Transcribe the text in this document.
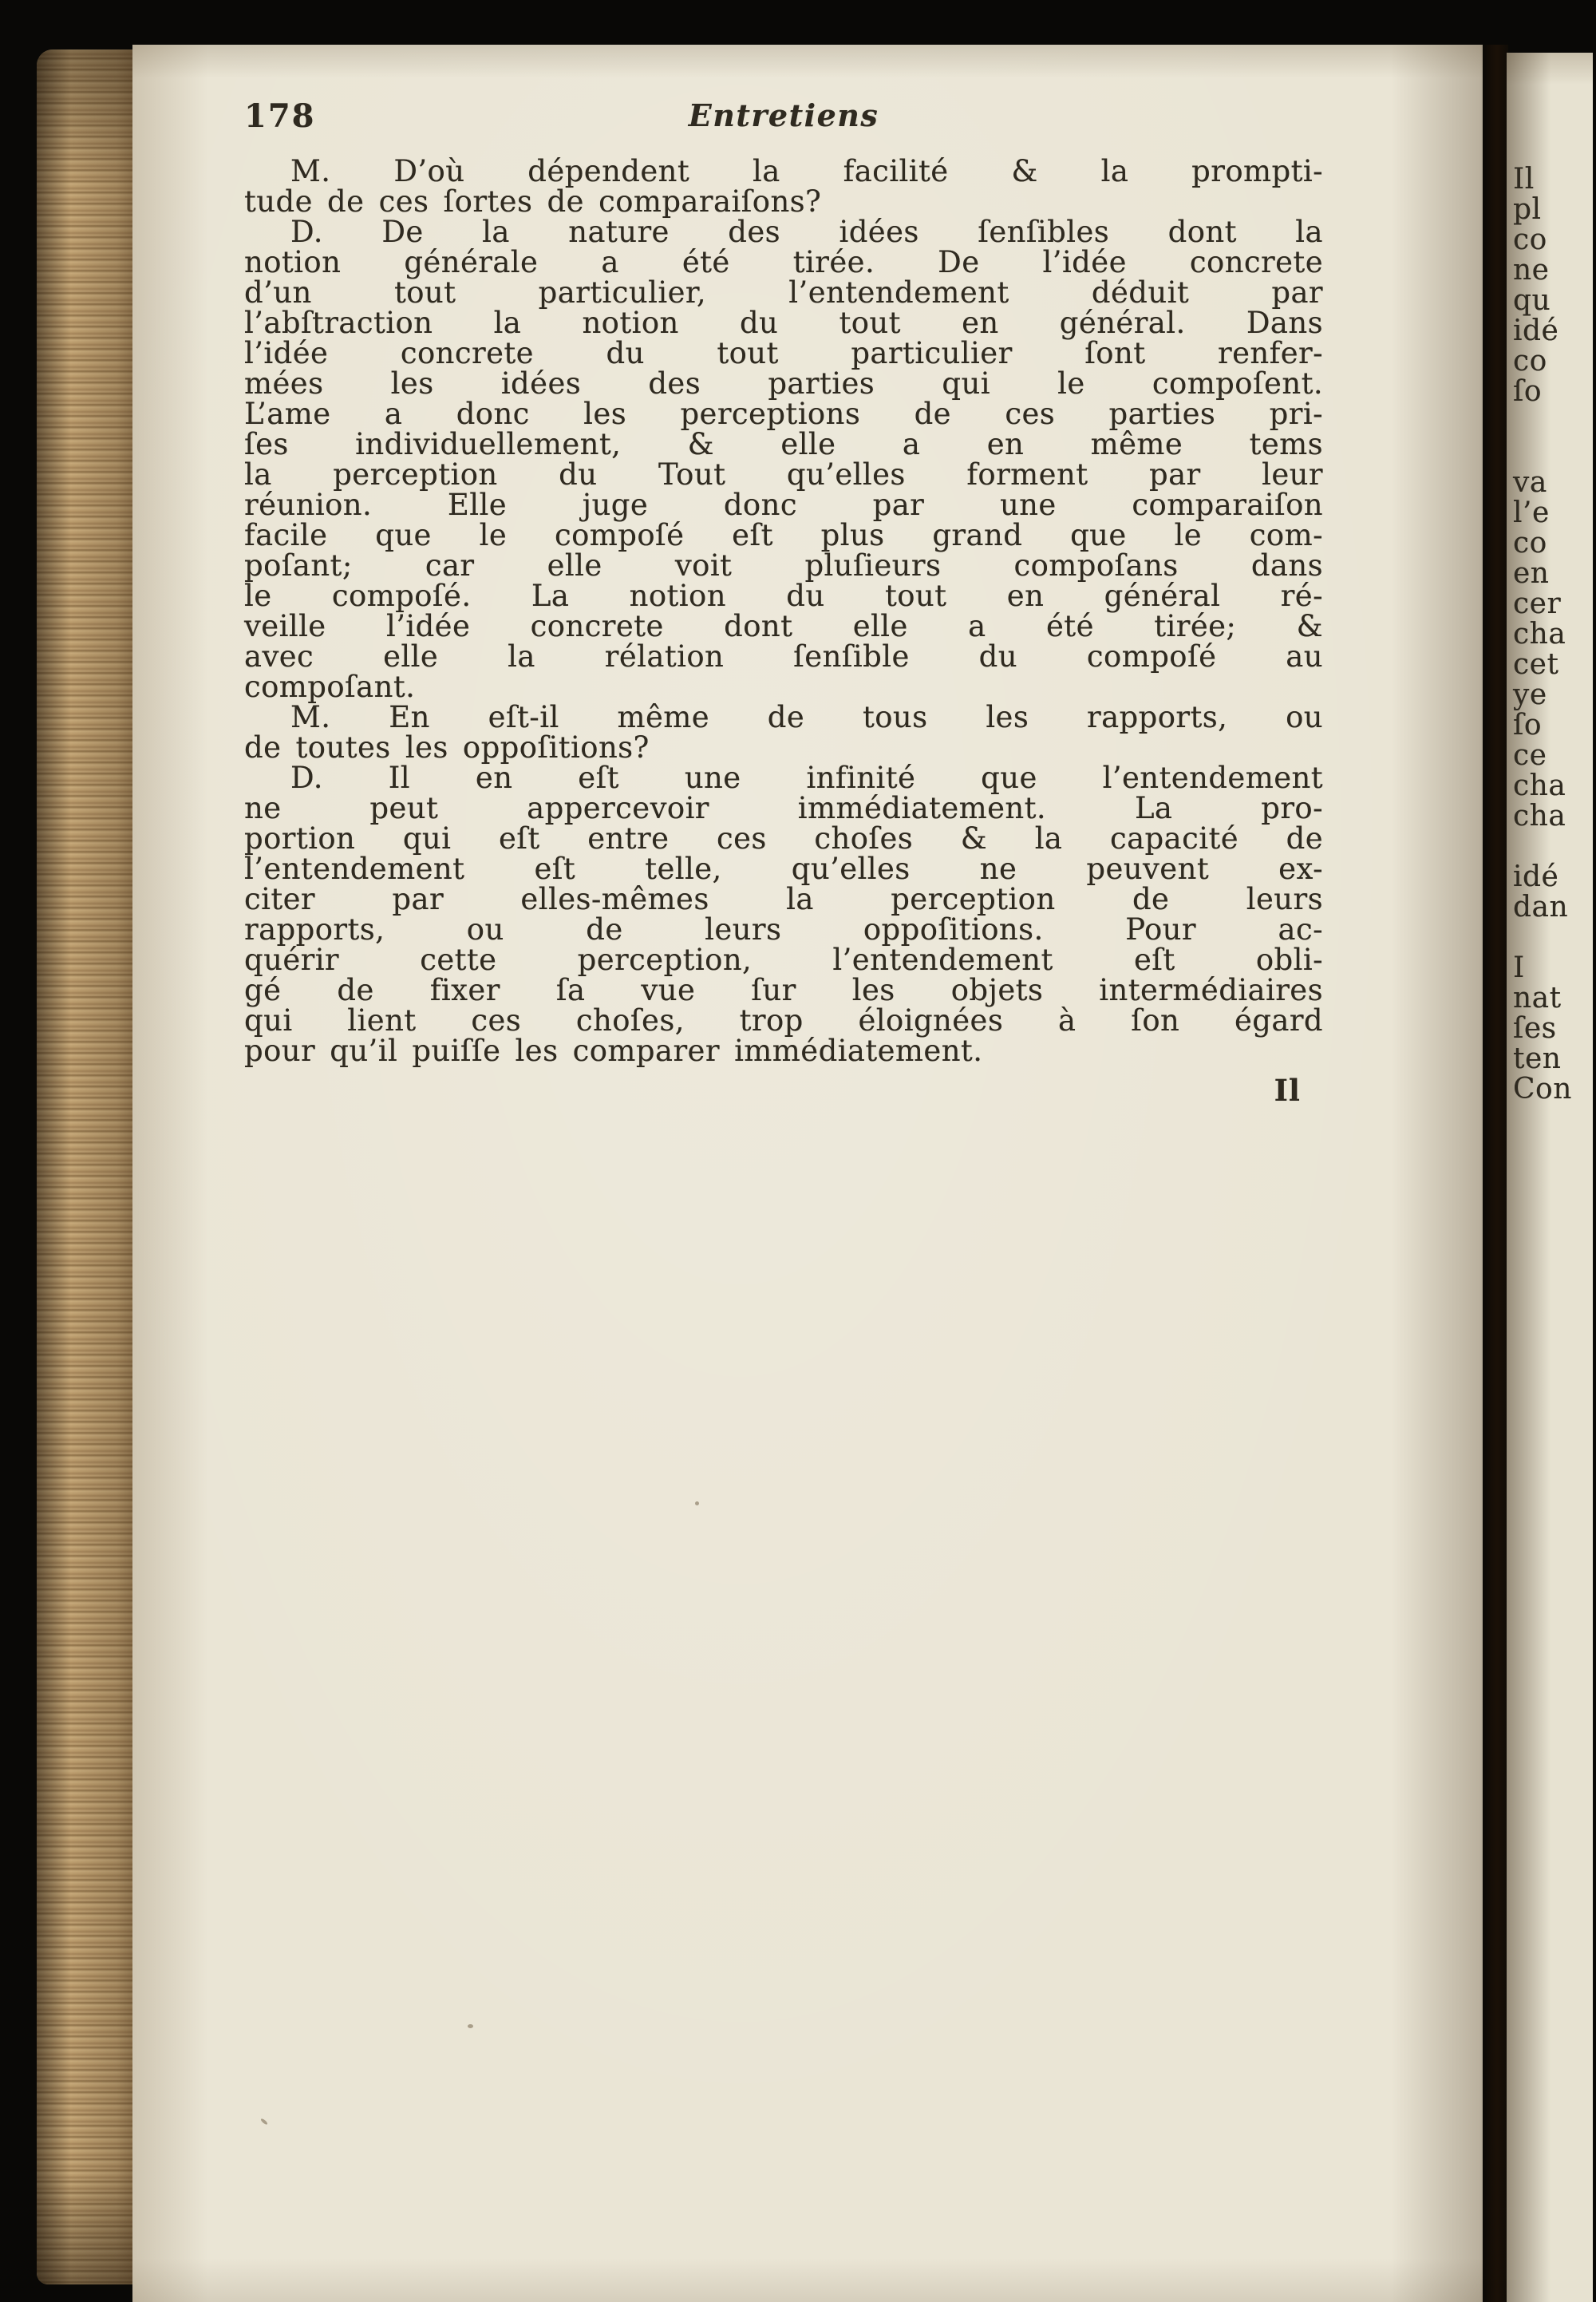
178	Entretiens
M. D’où dépendent la facilité & la prompti-
tude de ces ſortes de comparaiſons?
D. De la nature des idées ſenſibles dont la
notion générale a été tirée. De l’idée concrete
d’un tout particulier, l’entendement déduit par
l’abſtraction la notion du tout en général. Dans
l’idée concrete du tout particulier ſont renfer-
mées les idées des parties qui le compoſent.
L’ame a donc les perceptions de ces parties pri-
ſes individuellement, & elle a en même tems
la perception du Tout qu’elles forment par leur
réunion. Elle juge donc par une comparaiſon
facile que le compoſé eſt plus grand que le com-
poſant; car elle voit pluſieurs compoſans dans
le compoſé. La notion du tout en général ré-
veille l’idée concrete dont elle a été tirée; &
avec elle la rélation ſenſible du compoſé au
compoſant.
M. En eſt-il même de tous les rapports, ou
de toutes les oppoſitions?
D. Il en eſt une infinité que l’entendement
ne peut appercevoir immédiatement. La pro-
portion qui eſt entre ces choſes & la capacité de
l’entendement eſt telle, qu’elles ne peuvent ex-
citer par elles-mêmes la perception de leurs
rapports, ou de leurs oppoſitions. Pour ac-
quérir cette perception, l’entendement eſt obli-
gé de fixer ſa vue ſur les objets intermédiaires
qui lient ces choſes, trop éloignées à ſon égard
pour qu’il puiſſe les comparer immédiatement.
Il
Il
pl
co
ne
qu
idé
co
ſo
va
l’e
co
en
cer
cha
cet
ye
ſo
ce
cha
cha
idé
dan
I
nat
ſes
ten
Con
